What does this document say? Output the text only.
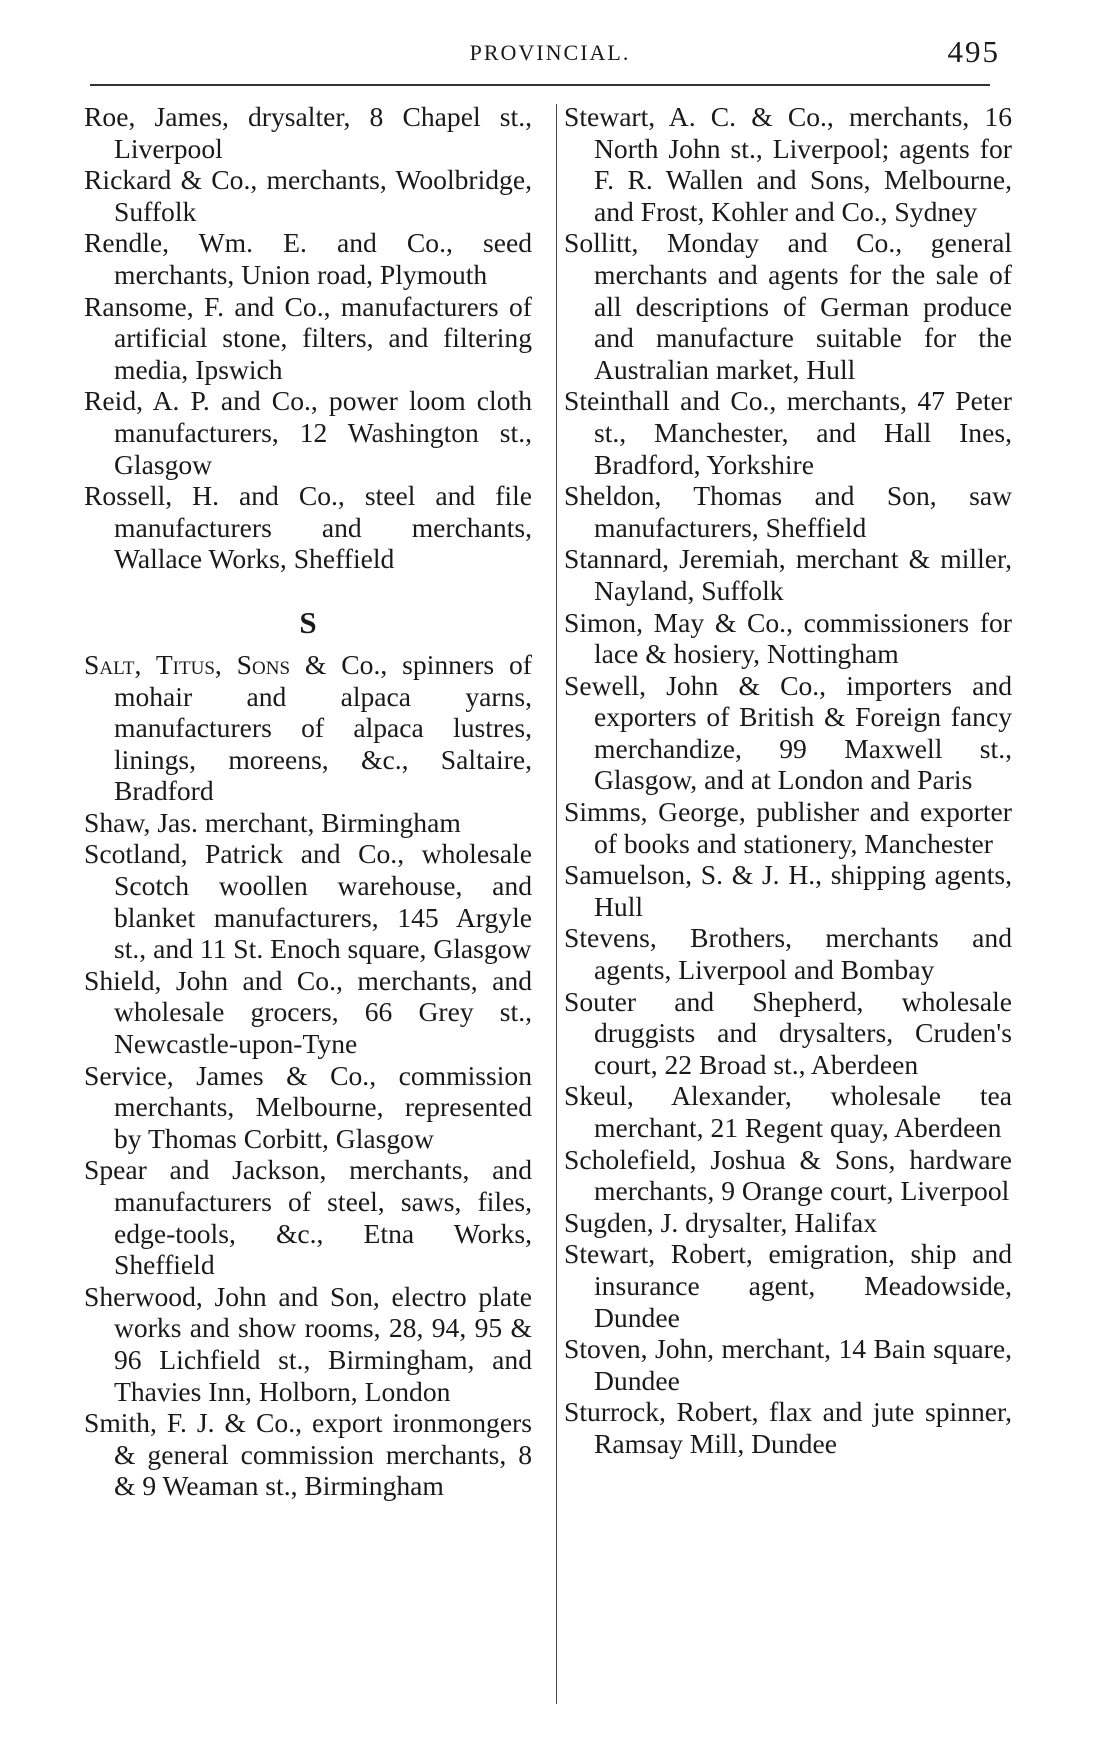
PROVINCIAL.	495

Roe, James, drysalter, 8 Chapel st., Liverpool

Rickard & Co., merchants, Woolbridge, Suffolk

Rendle, Wm. E. and Co., seed merchants, Union road, Plymouth

Ransome, F. and Co., manufacturers of artificial stone, filters, and filtering media, Ipswich

Reid, A. P. and Co., power loom cloth manufacturers, 12 Washington st., Glasgow

Rossell, H. and Co., steel and file manufacturers and merchants, Wallace Works, Sheffield

S

Salt, Titus, Sons & Co., spinners of mohair and alpaca yarns, manufacturers of alpaca lustres, linings, moreens, &c., Saltaire, Bradford

Shaw, Jas. merchant, Birmingham

Scotland, Patrick and Co., wholesale Scotch woollen warehouse, and blanket manufacturers, 145 Argyle st., and 11 St. Enoch square, Glasgow

Shield, John and Co., merchants, and wholesale grocers, 66 Grey st., Newcastle-upon-Tyne

Service, James & Co., commission merchants, Melbourne, represented by Thomas Corbitt, Glasgow

Spear and Jackson, merchants, and manufacturers of steel, saws, files, edge-tools, &c., Etna Works, Sheffield

Sherwood, John and Son, electro plate works and show rooms, 28, 94, 95 & 96 Lichfield st., Birmingham, and Thavies Inn, Holborn, London

Smith, F. J. & Co., export ironmongers & general commission merchants, 8 & 9 Weaman st., Birmingham

Stewart, A. C. & Co., merchants, 16 North John st., Liverpool; agents for F. R. Wallen and Sons, Melbourne, and Frost, Kohler and Co., Sydney

Sollitt, Monday and Co., general merchants and agents for the sale of all descriptions of German produce and manufacture suitable for the Australian market, Hull

Steinthall and Co., merchants, 47 Peter st., Manchester, and Hall Ines, Bradford, Yorkshire

Sheldon, Thomas and Son, saw manufacturers, Sheffield

Stannard, Jeremiah, merchant & miller, Nayland, Suffolk

Simon, May & Co., commissioners for lace & hosiery, Nottingham

Sewell, John & Co., importers and exporters of British & Foreign fancy merchandize, 99 Maxwell st., Glasgow, and at London and Paris

Simms, George, publisher and exporter of books and stationery, Manchester

Samuelson, S. & J. H., shipping agents, Hull

Stevens, Brothers, merchants and agents, Liverpool and Bombay

Souter and Shepherd, wholesale druggists and drysalters, Cruden's court, 22 Broad st., Aberdeen

Skeul, Alexander, wholesale tea merchant, 21 Regent quay, Aberdeen

Scholefield, Joshua & Sons, hardware merchants, 9 Orange court, Liverpool

Sugden, J. drysalter, Halifax

Stewart, Robert, emigration, ship and insurance agent, Meadowside, Dundee

Stoven, John, merchant, 14 Bain square, Dundee

Sturrock, Robert, flax and jute spinner, Ramsay Mill, Dundee
